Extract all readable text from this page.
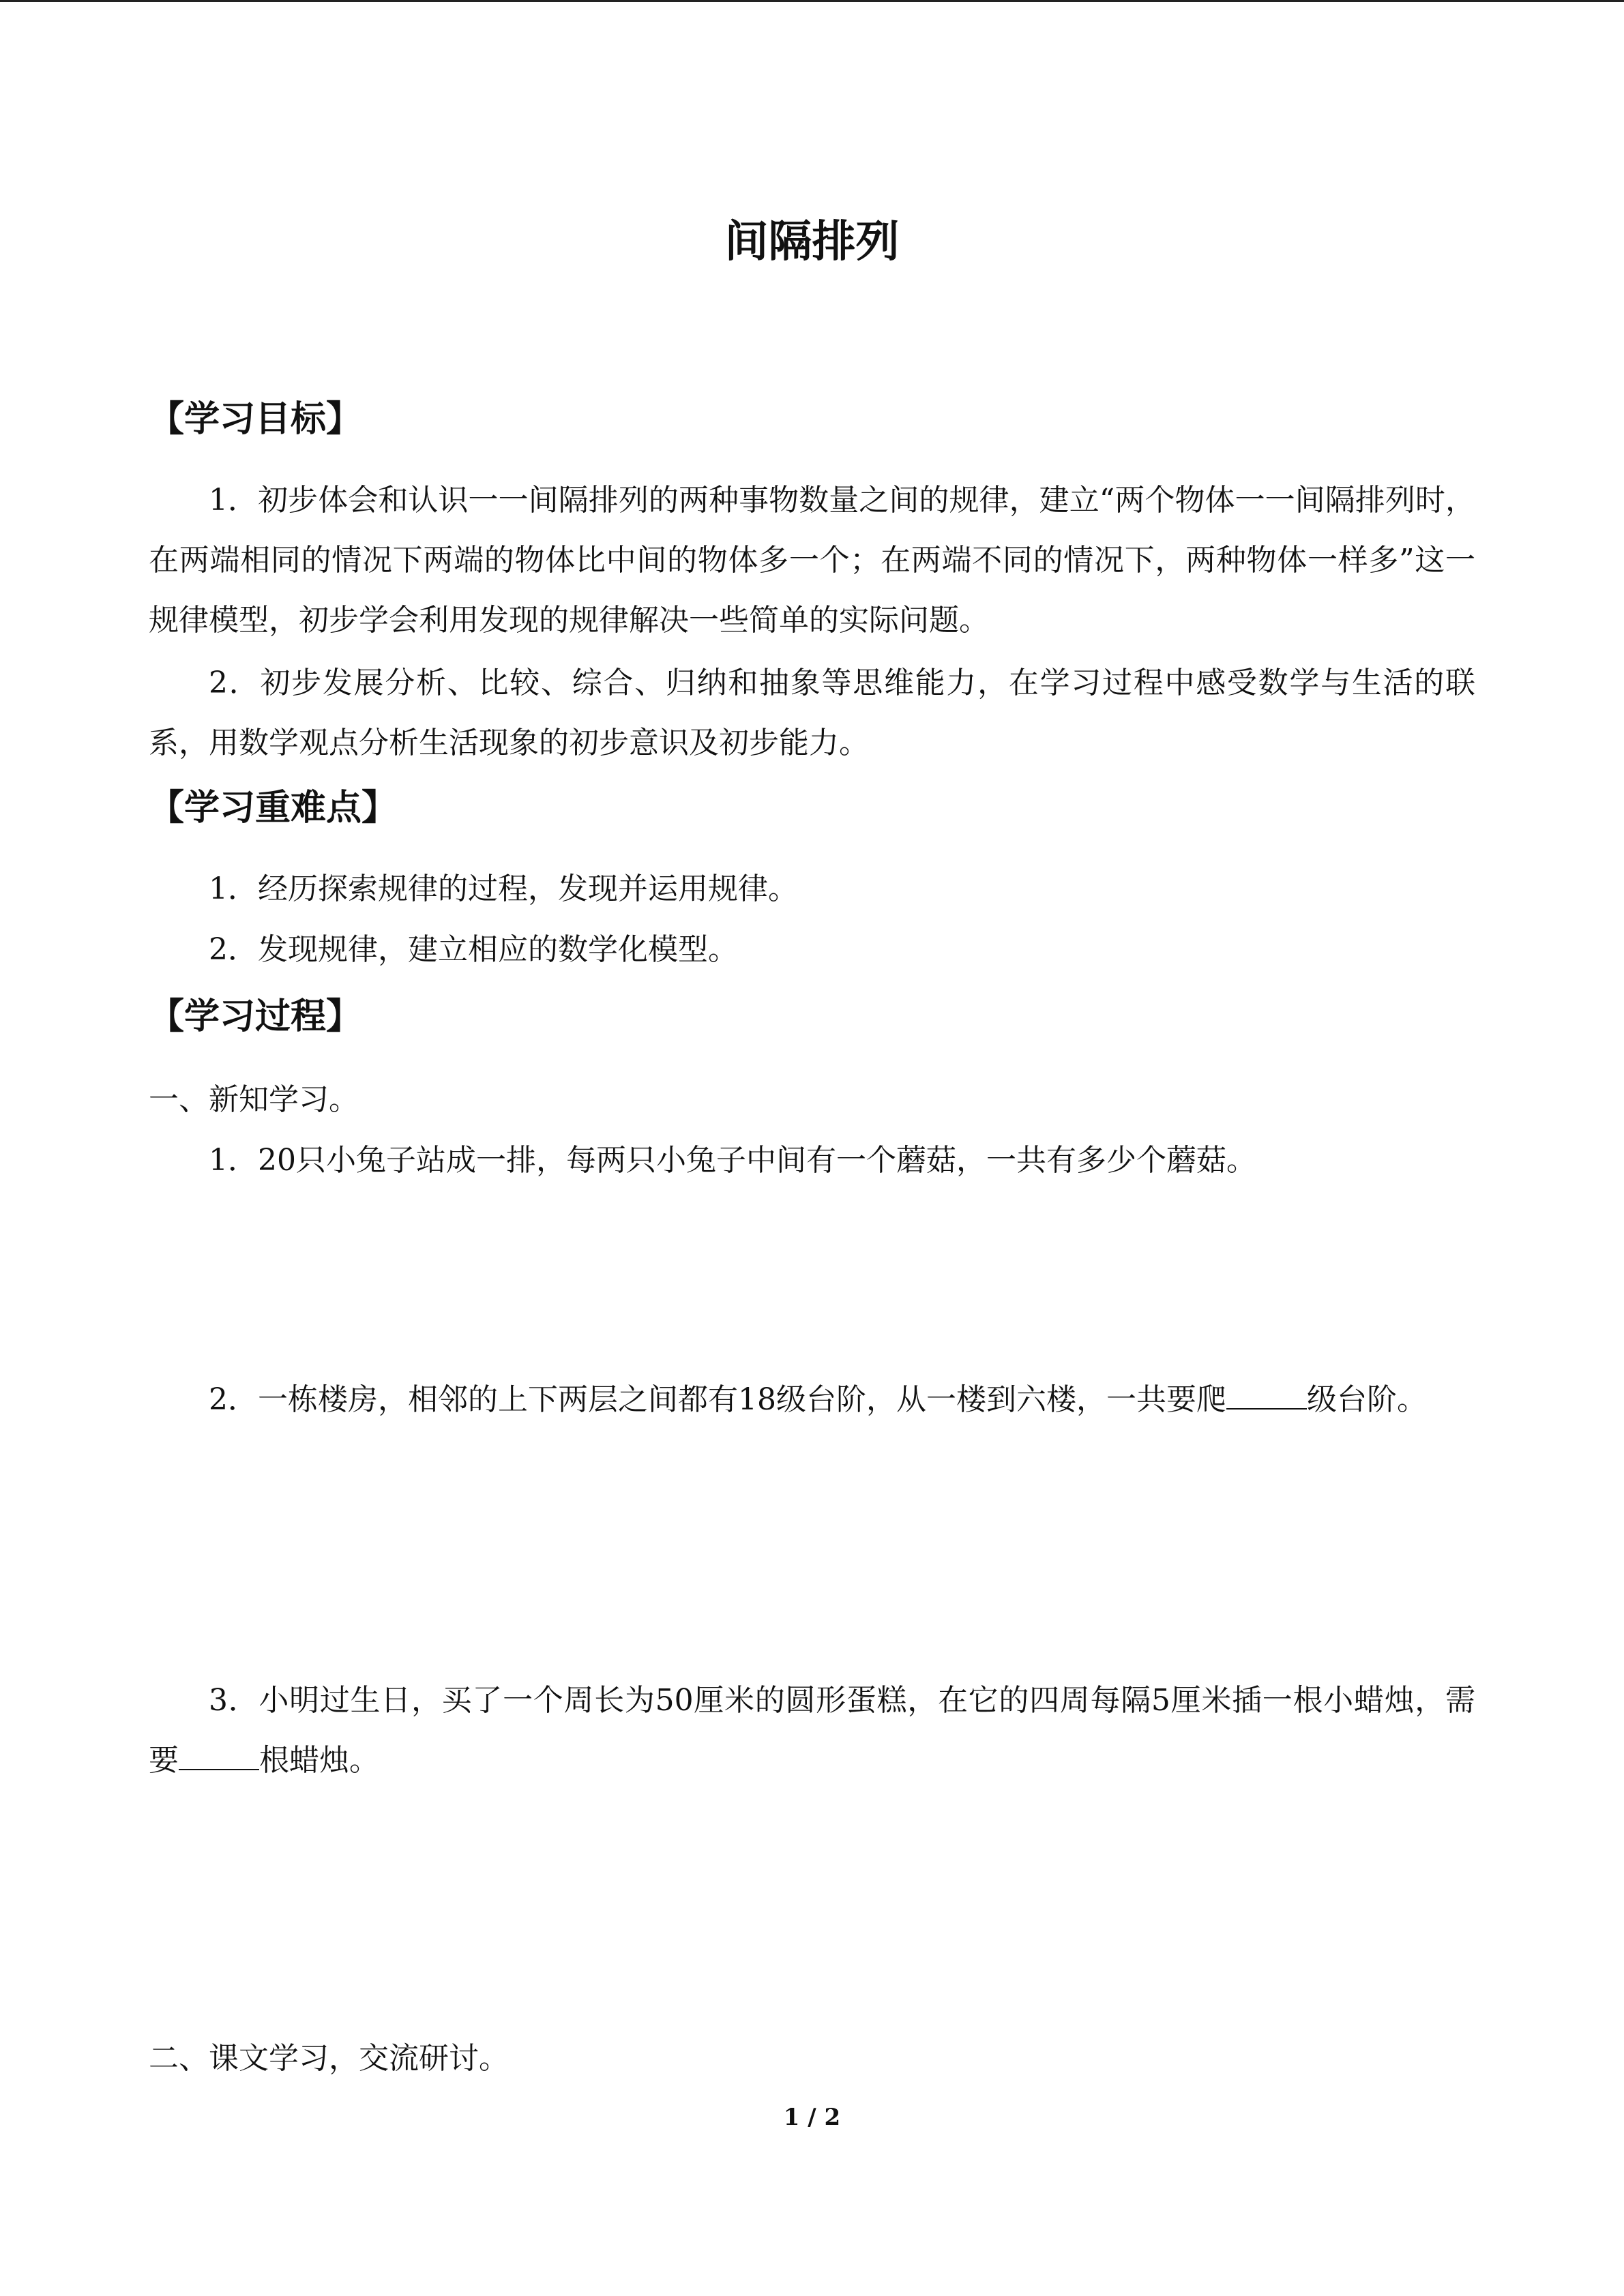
间隔排列
【学习目标】
1．初步体会和认识一一间隔排列的两种事物数量之间的规律，建立“两个物体一一间隔排列时，在两端相同的情况下两端的物体比中间的物体多一个；在两端不同的情况下，两种物体一样多”这一规律模型，初步学会利用发现的规律解决一些简单的实际问题。
2．初步发展分析、比较、综合、归纳和抽象等思维能力，在学习过程中感受数学与生活的联系，用数学观点分析生活现象的初步意识及初步能力。
【学习重难点】
1．经历探索规律的过程，发现并运用规律。
2．发现规律，建立相应的数学化模型。
【学习过程】
一、新知学习。
1．20只小兔子站成一排，每两只小兔子中间有一个蘑菇，一共有多少个蘑菇。
2．一栋楼房，相邻的上下两层之间都有18级台阶，从一楼到六楼，一共要爬	级台阶。
3．小明过生日，买了一个周长为50厘米的圆形蛋糕，在它的四周每隔5厘米插一根小蜡烛，需要	根蜡烛。
二、课文学习，交流研讨。
1 / 2
